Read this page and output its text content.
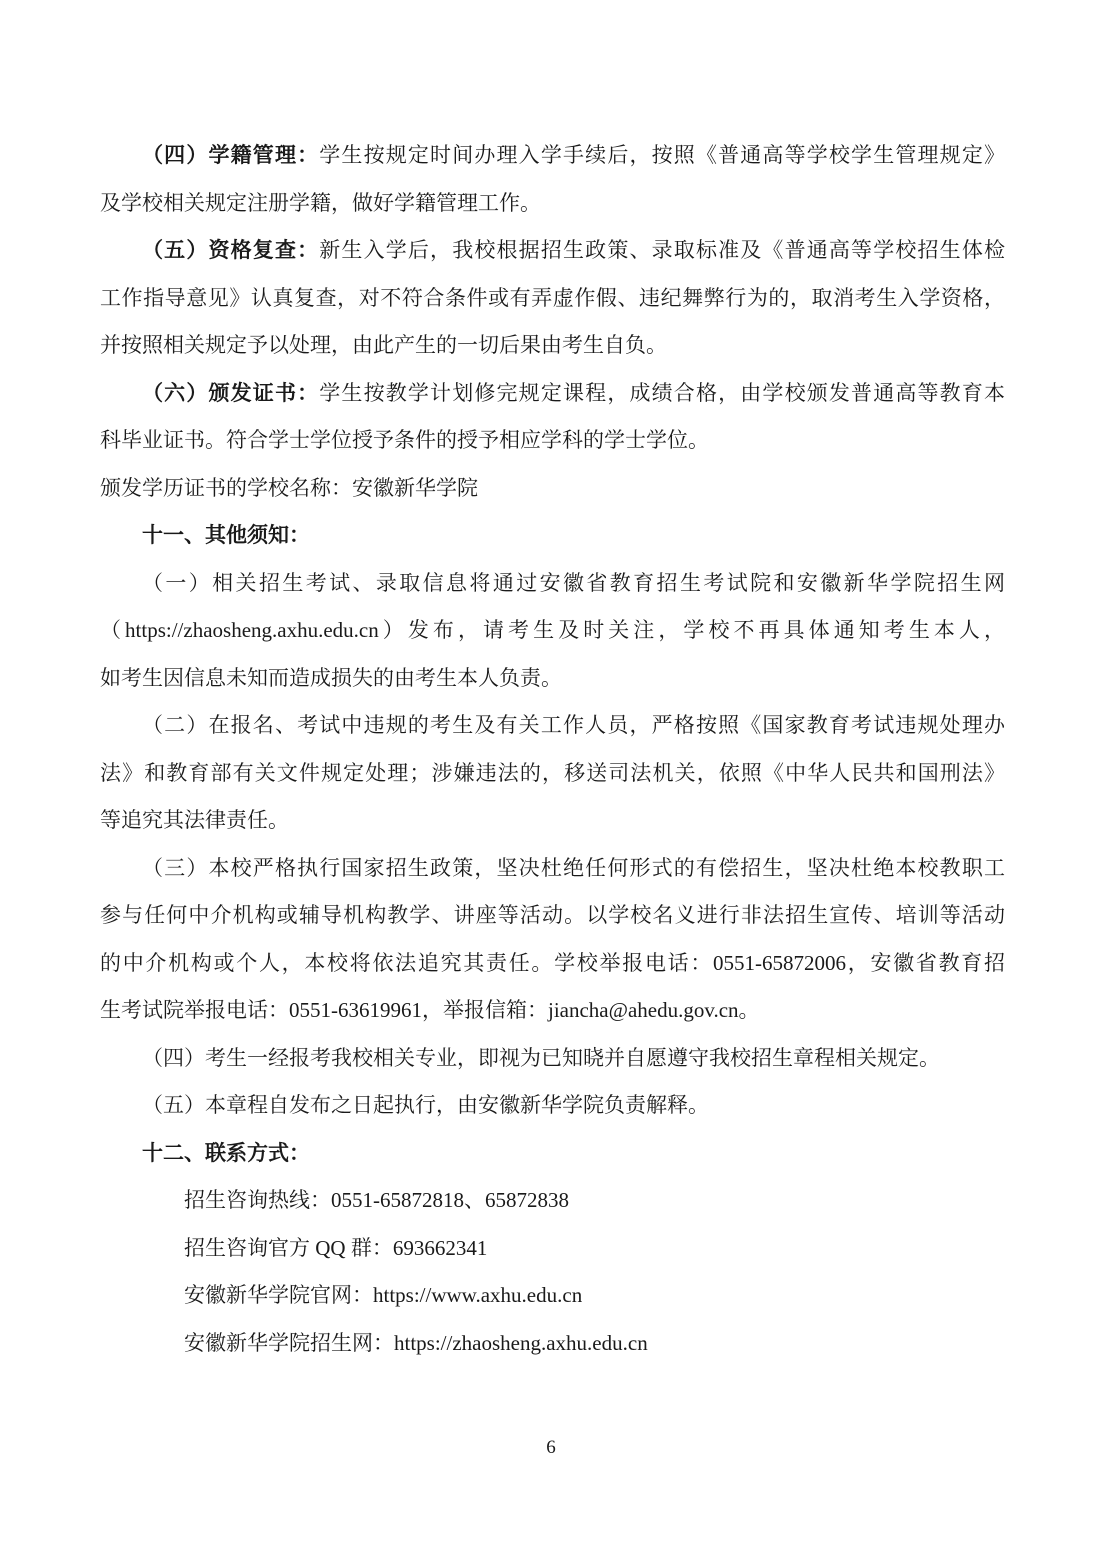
（四）学籍管理：学生按规定时间办理入学手续后，按照《普通高等学校学生管理规定》
及学校相关规定注册学籍，做好学籍管理工作。
（五）资格复查：新生入学后，我校根据招生政策、录取标准及《普通高等学校招生体检
工作指导意见》认真复查，对不符合条件或有弄虚作假、违纪舞弊行为的，取消考生入学资格，
并按照相关规定予以处理，由此产生的一切后果由考生自负。
（六）颁发证书：学生按教学计划修完规定课程，成绩合格，由学校颁发普通高等教育本
科毕业证书。符合学士学位授予条件的授予相应学科的学士学位。
颁发学历证书的学校名称：安徽新华学院
十一、其他须知：
（一）相关招生考试、录取信息将通过安徽省教育招生考试院和安徽新华学院招生网
（https://zhaosheng.axhu.edu.cn）发布，请考生及时关注，学校不再具体通知考生本人，
如考生因信息未知而造成损失的由考生本人负责。
（二）在报名、考试中违规的考生及有关工作人员，严格按照《国家教育考试违规处理办
法》和教育部有关文件规定处理；涉嫌违法的，移送司法机关，依照《中华人民共和国刑法》
等追究其法律责任。
（三）本校严格执行国家招生政策，坚决杜绝任何形式的有偿招生，坚决杜绝本校教职工
参与任何中介机构或辅导机构教学、讲座等活动。以学校名义进行非法招生宣传、培训等活动
的中介机构或个人，本校将依法追究其责任。学校举报电话：0551-65872006，安徽省教育招
生考试院举报电话：0551-63619961，举报信箱：jiancha@ahedu.gov.cn。
（四）考生一经报考我校相关专业，即视为已知晓并自愿遵守我校招生章程相关规定。
（五）本章程自发布之日起执行，由安徽新华学院负责解释。
十二、联系方式：
招生咨询热线：0551-65872818、65872838
招生咨询官方 QQ 群：693662341
安徽新华学院官网：https://www.axhu.edu.cn
安徽新华学院招生网：https://zhaosheng.axhu.edu.cn
6
